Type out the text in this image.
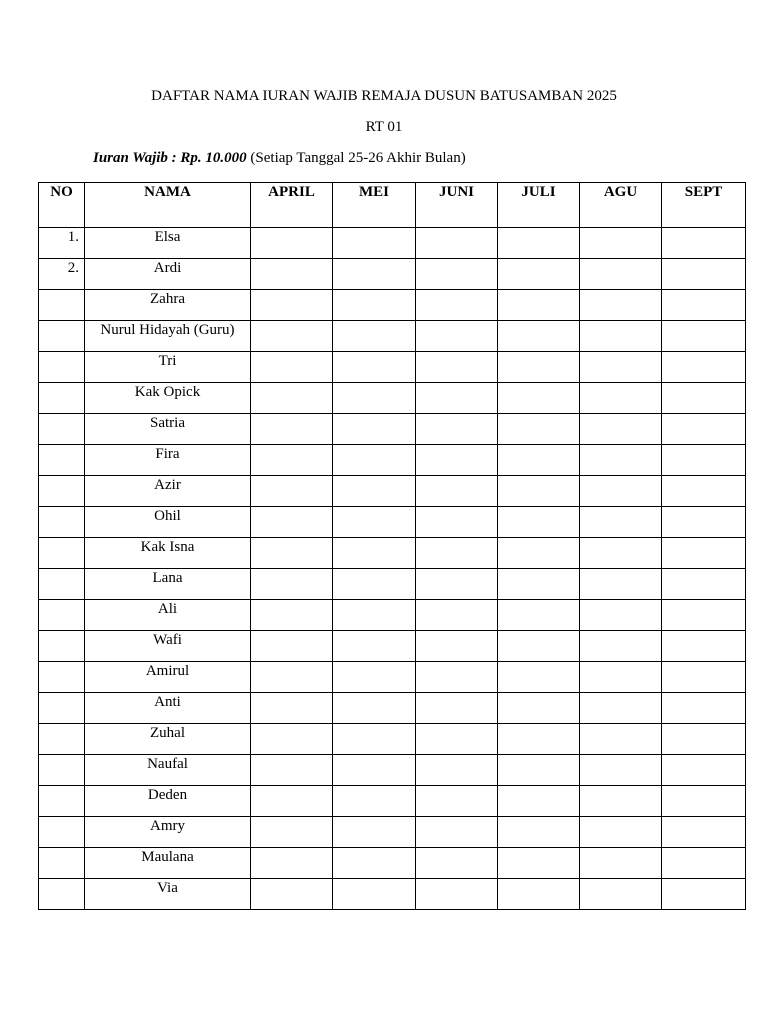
DAFTAR NAMA IURAN WAJIB REMAJA DUSUN BATUSAMBAN 2025
RT 01
Iuran Wajib : Rp. 10.000 (Setiap Tanggal 25-26 Akhir Bulan)
NO	NAMA	APRIL	MEI	JUNI	JULI	AGU	SEPT
1.	Elsa						
2.	Ardi						
	Zahra						
	Nurul Hidayah (Guru)						
	Tri						
	Kak Opick						
	Satria						
	Fira						
	Azir						
	Ohil						
	Kak Isna						
	Lana						
	Ali						
	Wafi						
	Amirul						
	Anti						
	Zuhal						
	Naufal						
	Deden						
	Amry						
	Maulana						
	Via						
